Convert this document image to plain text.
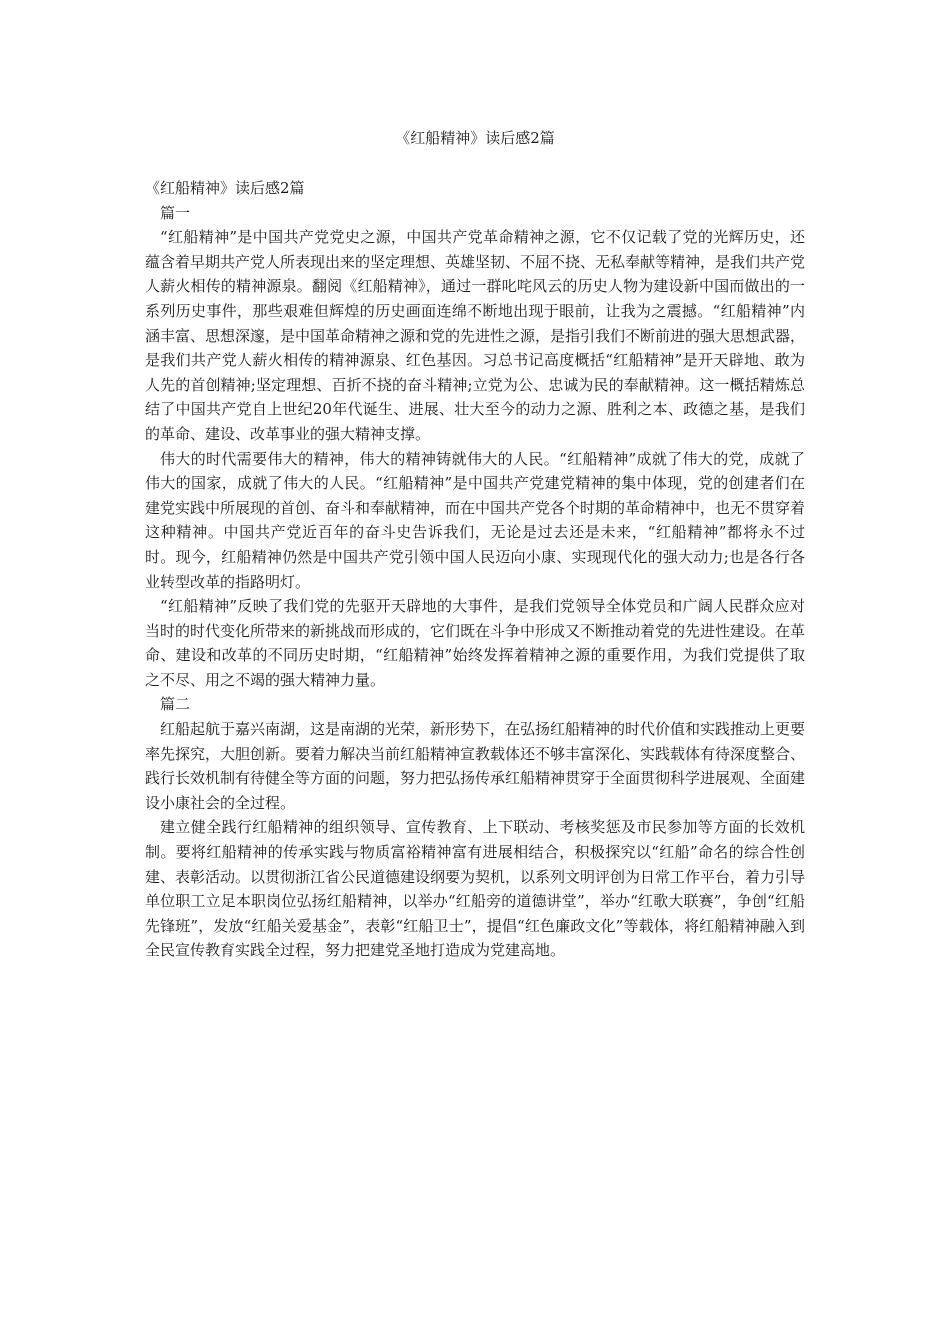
《红船精神》读后感2篇

《红船精神》读后感2篇

篇一

“红船精神”是中国共产党党史之源，中国共产党革命精神之源，它不仅记载了党的光辉历史，还蕴含着早期共产党人所表现出来的坚定理想、英雄坚韧、不屈不挠、无私奉献等精神，是我们共产党人薪火相传的精神源泉。翻阅《红船精神》，通过一群叱咤风云的历史人物为建设新中国而做出的一系列历史事件，那些艰难但辉煌的历史画面连绵不断地出现于眼前，让我为之震撼。“红船精神”内涵丰富、思想深邃，是中国革命精神之源和党的先进性之源，是指引我们不断前进的强大思想武器，是我们共产党人薪火相传的精神源泉、红色基因。习总书记高度概括“红船精神”是开天辟地、敢为人先的首创精神;坚定理想、百折不挠的奋斗精神;立党为公、忠诚为民的奉献精神。这一概括精炼总结了中国共产党自上世纪20年代诞生、进展、壮大至今的动力之源、胜利之本、政德之基，是我们的革命、建设、改革事业的强大精神支撑。

伟大的时代需要伟大的精神，伟大的精神铸就伟大的人民。“红船精神”成就了伟大的党，成就了伟大的国家，成就了伟大的人民。“红船精神”是中国共产党建党精神的集中体现，党的创建者们在建党实践中所展现的首创、奋斗和奉献精神，而在中国共产党各个时期的革命精神中，也无不贯穿着这种精神。中国共产党近百年的奋斗史告诉我们，无论是过去还是未来，“红船精神”都将永不过时。现今，红船精神仍然是中国共产党引领中国人民迈向小康、实现现代化的强大动力;也是各行各业转型改革的指路明灯。

“红船精神”反映了我们党的先驱开天辟地的大事件，是我们党领导全体党员和广阔人民群众应对当时的时代变化所带来的新挑战而形成的，它们既在斗争中形成又不断推动着党的先进性建设。在革命、建设和改革的不同历史时期，“红船精神”始终发挥着精神之源的重要作用，为我们党提供了取之不尽、用之不竭的强大精神力量。

篇二

红船起航于嘉兴南湖，这是南湖的光荣，新形势下，在弘扬红船精神的时代价值和实践推动上更要率先探究，大胆创新。要着力解决当前红船精神宣教载体还不够丰富深化、实践载体有待深度整合、践行长效机制有待健全等方面的问题，努力把弘扬传承红船精神贯穿于全面贯彻科学进展观、全面建设小康社会的全过程。

建立健全践行红船精神的组织领导、宣传教育、上下联动、考核奖惩及市民参加等方面的长效机制。要将红船精神的传承实践与物质富裕精神富有进展相结合，积极探究以“红船”命名的综合性创建、表彰活动。以贯彻浙江省公民道德建设纲要为契机，以系列文明评创为日常工作平台，着力引导单位职工立足本职岗位弘扬红船精神，以举办“红船旁的道德讲堂”，举办“红歌大联赛”，争创“红船先锋班”，发放“红船关爱基金”，表彰“红船卫士”，提倡“红色廉政文化”等载体，将红船精神融入到全民宣传教育实践全过程，努力把建党圣地打造成为党建高地。
